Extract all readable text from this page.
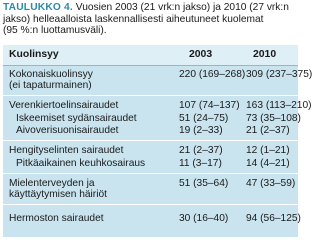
TAULUKKO 4. Vuosien 2003 (21 vrk:n jakso) ja 2010 (27 vrk:n
jakso) helleaalloista laskennallisesti aiheutuneet kuolemat
(95 %:n luottamusväli).
Kuolinsyy	2003	2010
Kokonaiskuolinsyy
(ei tapaturmainen)
220 (169–268) 309 (237–375)
Verenkiertoelinsairaudet	107 (74–137) 163 (113–210)
Iskeemiset sydänsairaudet	51 (24–75) 73 (35–108)
Aivoverisuonisairaudet	19 (2–33) 21 (2–37)
Hengityselinten sairaudet	21 (2–37) 12 (1–21)
Pitkäaikainen keuhkosairaus	11 (3–17) 14 (4–21)
Mielenterveyden ja
käyttäytymisen häiriöt
51 (35–64) 47 (33–59)
Hermoston sairaudet	30 (16–40) 94 (56–125)
